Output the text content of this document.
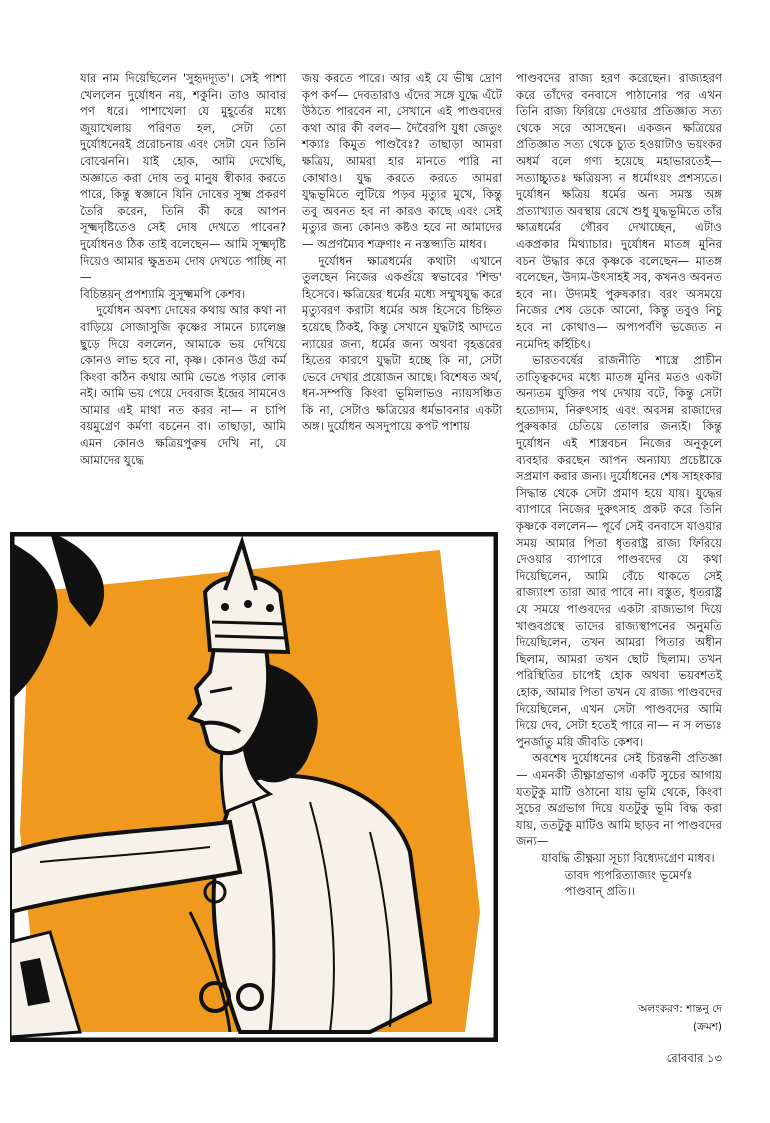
যার নাম দিয়েছিলেন 'সুহৃদদ্যূত'। সেই পাশা খেললেন দুর্যোধন নয়, শকুনি। তাও আবার পণ ধরে। পাশাখেলা যে মুহূর্তের মধ্যে জুয়াখেলায় পরিণত হল, সেটা তো দুর্যোধনেরই প্ররোচনায় এবং সেটা যেন তিনি বোঝেননি। যাই হোক, আমি দেখেছি, অজ্ঞাতে করা দোষ তবু মানুষ স্বীকার করতে পারে, কিন্তু স্বজ্ঞানে যিনি দোষের সূক্ষ্ম প্রকরণ তৈরি করেন, তিনি কী করে আপন সূক্ষ্মদৃষ্টিতেও সেই দোষ দেখতে পাবেন? দুর্যোধনও ঠিক তাই বলেছেন— আমি সূক্ষ্মদৃষ্টি দিয়েও আমার ক্ষুদ্রতম দোষ দেখতে পাচ্ছি না—

বিচিন্তয়ন্ প্রপশ্যামি সুসূক্ষ্মমপি কেশব।

দুর্যোধন অবশ্য দোষের কথায় আর কথা না বাড়িয়ে সোজাসুজি কৃষ্ণের সামনে চ্যালেঞ্জ ছুড়ে দিয়ে বললেন, আমাকে ভয় দেখিয়ে কোনও লাভ হবে না, কৃষ্ণ। কোনও উগ্র কর্ম কিংবা কঠিন কথায় আমি ভেঙে পড়ার লোক নই। আমি ভয় পেয়ে দেবরাজ ইন্দ্রের সামনেও আমার এই মাথা নত করব না— ন চাপি বয়মুগ্রেণ কর্মণা বচনেন বা। তাছাড়া, আমি এমন কোনও ক্ষত্রিয়পুরুষ দেখি না, যে আমাদের যুদ্ধে

জয় করতে পারে। আর এই যে ভীষ্ম দ্রোণ কৃপ কর্ণ— দেবতারাও এঁদের সঙ্গে যুদ্ধে এঁটে উঠতে পারবেন না, সেখানে এই পাণ্ডবদের কথা আর কী বলব— দৈবৈরপি যুধা জেতুং শক্যাঃ কিমুত পাণ্ডবৈঃ? তাছাড়া আমরা ক্ষত্রিয়, আমরা হার মানতে পারি না কোথাও। যুদ্ধ করতে করতে আমরা যুদ্ধভূমিতে লুটিয়ে পড়ব মৃত্যুর মুখে, কিন্তু তবু অবনত হব না কারও কাছে এবং সেই মৃত্যুর জন্য কোনও কষ্টও হবে না আমাদের— অপ্রণম্যৈব শত্রুণাং ন নস্তপ্স্যতি মাধব।

দুর্যোধন ক্ষাত্রধর্মের কথাটা এখানে তুলছেন নিজের একগুঁয়ে স্বভাবের 'শিল্ড' হিসেবে। ক্ষত্রিয়ের ধর্মের মধ্যে সম্মুখযুদ্ধ করে মৃত্যুবরণ করাটা ধর্মের অঙ্গ হিসেবে চিহ্নিত হয়েছে ঠিকই, কিন্তু সেখানে যুদ্ধটাই আদতে ন্যায়ের জন্য, ধর্মের জন্য অথবা বৃহত্তরের হিতের কারণে যুদ্ধটা হচ্ছে কি না, সেটা ভেবে দেখার প্রয়োজন আছে। বিশেষত অর্থ, ধন-সম্পত্তি কিংবা ভূমিলাভও ন্যায়সঞ্চিত কি না, সেটাও ক্ষত্রিয়ের ধর্মভাবনার একটা অঙ্গ। দুর্যোধন অসদুপায়ে কপট পাশায়

পাণ্ডবদের রাজ্য হরণ করেছেন। রাজ্যহরণ করে তাঁদের বনবাসে পাঠানোর পর এখন তিনি রাজ্য ফিরিয়ে দেওয়ার প্রতিজ্ঞাত সত্য থেকে সরে আসছেন। একজন ক্ষত্রিয়ের প্রতিজ্ঞাত সত্য থেকে চ্যুত হওয়াটাও ভয়ংকর অধর্ম বলে গণ্য হয়েছে মহাভারতেই— সত্যাচ্চ্যুতঃ ক্ষত্রিয়স্য ন ধর্মোঽয়ং প্রশস্যতে। দুর্যোধন ক্ষত্রিয় ধর্মের অন্য সমস্ত অঙ্গ প্রত্যাখ্যাত অবস্থায় রেখে শুধু যুদ্ধভূমিতে তাঁর ক্ষাত্রধর্মের গৌরব দেখাচ্ছেন, এটাও একপ্রকার মিথ্যাচার। দুর্যোধন মাতঙ্গ মুনির বচন উদ্ধার করে কৃষ্ণকে বলেছেন— মাতঙ্গ বলেছেন, উদ্যম-উৎসাহই সব, কখনও অবনত হবে না। উদ্যমই পুরুষকার। বরং অসময়ে নিজের শেষ ডেকে আনো, কিন্তু তবুও নিচু হবে না কোথাও— অপ্যপর্বণি ভজ্যেত ন নমেদিহ কর্হিচিৎ।

ভারতবর্ষের রাজনীতি শাস্ত্রে প্রাচীন তাত্ত্বিকদের মধ্যে মাতঙ্গ মুনির মতও একটা অন্যতম যুক্তির পথ দেখায় বটে, কিন্তু সেটা হতোদ্যম, নিরুৎসাহ এবং অবসন্ন রাজাদের পুরুষকার চেতিয়ে তোলার জন্যই। কিন্তু দুর্যোধন এই শাস্ত্রবচন নিজের অনুকূলে ব্যবহার করছেন আপন অন্যায্য প্রচেষ্টাকে সপ্রমাণ করার জন্য। দুর্যোধনের শেষ সাহংকার সিদ্ধান্ত থেকে সেটা প্রমাণ হয়ে যায়। যুদ্ধের ব্যাপারে নিজের দুরুৎসাহ প্রকট করে তিনি কৃষ্ণকে বললেন— পূর্বে সেই বনবাসে যাওয়ার সময় আমার পিতা ধৃতরাষ্ট্র রাজ্য ফিরিয়ে দেওয়ার ব্যাপারে পাণ্ডবদের যে কথা দিয়েছিলেন, আমি বেঁচে থাকতে সেই রাজ্যাংশ তারা আর পাবে না। বস্তুত, ধৃতরাষ্ট্র যে সময়ে পাণ্ডবদের একটা রাজ্যভাগ দিয়ে খাণ্ডবপ্রস্থে তাদের রাজ্যস্থাপনের অনুমতি দিয়েছিলেন, তখন আমরা পিতার অধীন ছিলাম, আমরা তখন ছোট ছিলাম। তখন পরিস্থিতির চাপেই হোক অথবা ভয়বশতই হোক, আমার পিতা তখন যে রাজ্য পাণ্ডবদের দিয়েছিলেন, এখন সেটা পাণ্ডবদের আমি দিয়ে দেব, সেটা হতেই পারে না— ন স লভ্যঃ পুনর্জাতু ময়ি জীবতি কেশব।

অবশেষ দুর্যোধনের সেই চিরন্তনী প্রতিজ্ঞা— এমনকী তীক্ষ্ণাগ্রভাগ একটি সুচের আগায় যতটুকু মাটি ওঠানো যায় ভূমি থেকে, কিংবা সুচের অগ্রভাগ দিয়ে যতটুকু ভূমি বিদ্ধ করা যায়, ততটুকু মাটিও আমি ছাড়ব না পাণ্ডবদের জন্য—

যাবদ্ধি তীক্ষ্ণয়া সূচ্যা বিধ্যেদগ্রেণ মাধব।

তাবদ প্যপরিত্যাজ্যং ভূমের্ণঃ পাণ্ডবান্ প্রতি।।

অলংকরণ: শান্তনু দে
(ক্রমশ)
রোববার ১৩
